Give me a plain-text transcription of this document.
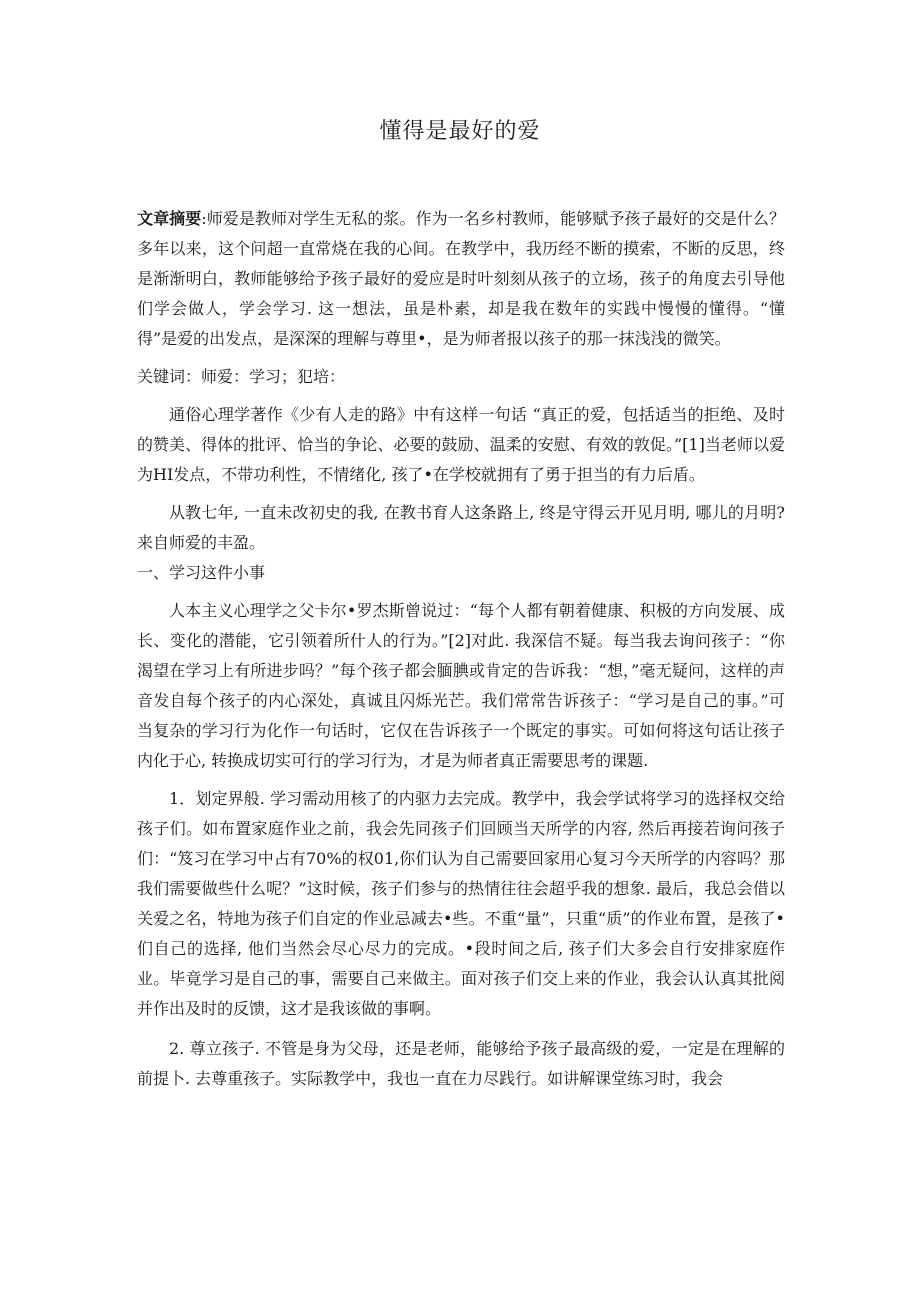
懂得是最好的爱

文章摘要:师爱是教师对学生无私的浆。作为一名乡村教师，能够赋予孩子最好的交是什么？多年以来，这个问超一直常烧在我的心间。在教学中，我历经不断的摸索，不断的反思，终是渐渐明白，教师能够给予孩子最好的爱应是时叶刻刻从孩子的立场，孩子的角度去引导他们学会做人，学会学习. 这一想法，虽是朴素，却是我在数年的实践中慢慢的懂得。“懂得”是爱的出发点，是深深的理解与尊里•，是为师者报以孩子的那一抹浅浅的微笑。

关键词：师爱：学习；犯培：

通俗心理学著作《少有人走的路》中有这样一句话 “真正的爱，包括适当的拒绝、及时的赞美、得体的批评、恰当的争论、必要的鼓励、温柔的安慰、有效的敦促。”[1]当老师以爱为HI发点，不带功利性，不情绪化, 孩了•在学校就拥有了勇于担当的有力后盾。

从教七年, 一直未改初史的我, 在教书育人这条路上, 终是守得云开见月明, 哪儿的月明?来自师爱的丰盈。

一、学习这件小事

人本主义心理学之父卡尔•罗杰斯曾说过：“每个人都有朝着健康、积极的方向发展、成长、变化的潜能，它引领着所什人的行为。”[2]对此. 我深信不疑。每当我去询问孩子：“你渴望在学习上有所进步吗？”每个孩子都会腼腆或肯定的告诉我：“想，”毫无疑问，这样的声音发自每个孩子的内心深处，真诚且闪烁光芒。我们常常告诉孩子：“学习是自己的事。”可当复杂的学习行为化作一句话时，它仅在告诉孩子一个既定的事实。可如何将这句话让孩子内化于心, 转换成切实可行的学习行为，才是为师者真正需要思考的课题.

1．划定界般. 学习需动用核了的内驱力去完成。教学中，我会学试将学习的选择权交给孩子们。如布置家庭作业之前，我会先同孩子们回顾当天所学的内容, 然后再接若询问孩子们：“笈习在学习中占有70%的权01,你们认为自己需要回家用心复习今天所学的内容吗？那我们需要做些什么呢？”这时候，孩子们参与的热情往往会超乎我的想象. 最后，我总会借以关爱之名，特地为孩子们自定的作业忌减去•些。不重“量”，只重“质”的作业布置，是孩了•们自己的选择, 他们当然会尽心尽力的完成。•段时间之后, 孩子们大多会自行安排家庭作业。毕竟学习是自己的事，需要自己来做主。面对孩子们交上来的作业，我会认认真其批阅并作出及时的反馈，这才是我该做的事啊。

2. 尊立孩子. 不管是身为父母，还是老师，能够给予孩子最高级的爱，一定是在理解的前提卜. 去尊重孩子。实际教学中，我也一直在力尽践行。如讲解课堂练习时，我会
